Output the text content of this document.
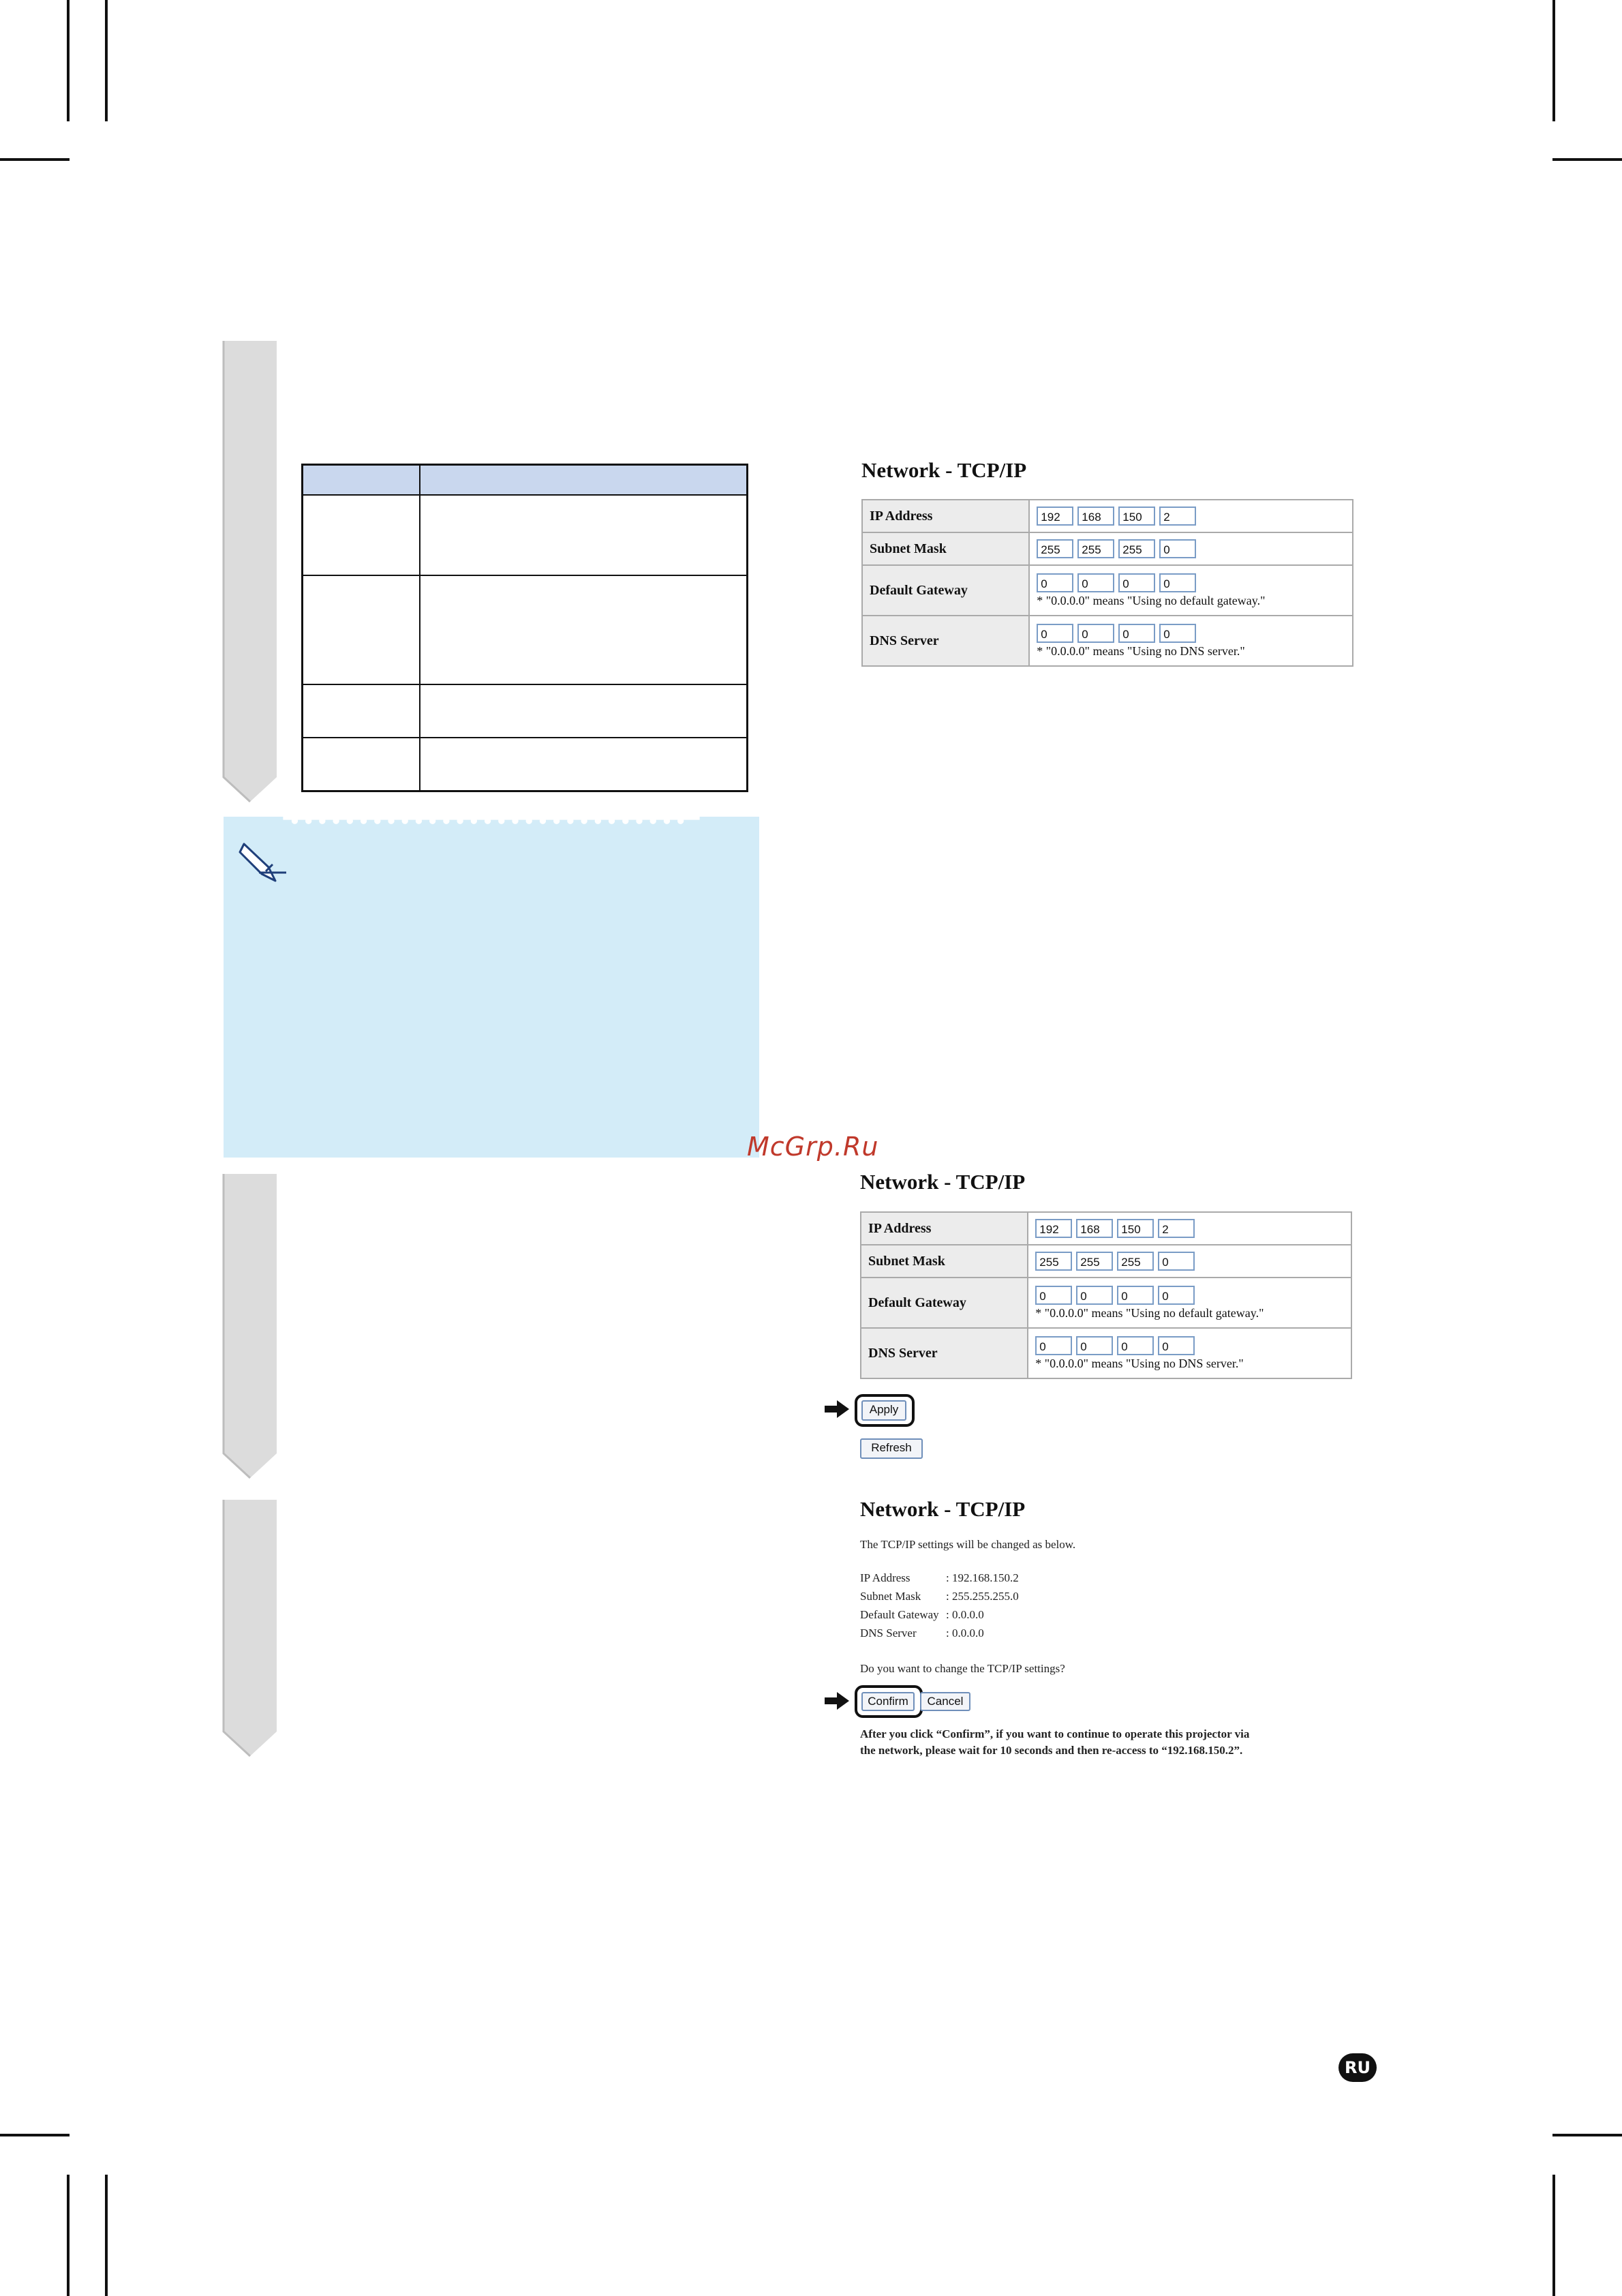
McGrp.Ru
Network - TCP/IP
IP Address	192 168 150 2
Subnet Mask	255 255 255 0
Default Gateway	0 0 0 0
* "0.0.0.0" means "Using no default gateway."

DNS Server	0 0 0 0
* "0.0.0.0" means "Using no DNS server."
Network - TCP/IP
IP Address	192 168 150 2
Subnet Mask	255 255 255 0
Default Gateway	0 0 0 0
* "0.0.0.0" means "Using no default gateway."

DNS Server	0 0 0 0
* "0.0.0.0" means "Using no DNS server."
Apply
Refresh
Network - TCP/IP
The TCP/IP settings will be changed as below.
IP Address	: 192.168.150.2
Subnet Mask : 255.255.255.0
Default Gateway : 0.0.0.0
DNS Server	: 0.0.0.0
Do you want to change the TCP/IP settings?
Confirm	Cancel
After you click “Confirm”, if you want to continue to operate this projector via
the network, please wait for 10 seconds and then re-access to “192.168.150.2”.
RU
